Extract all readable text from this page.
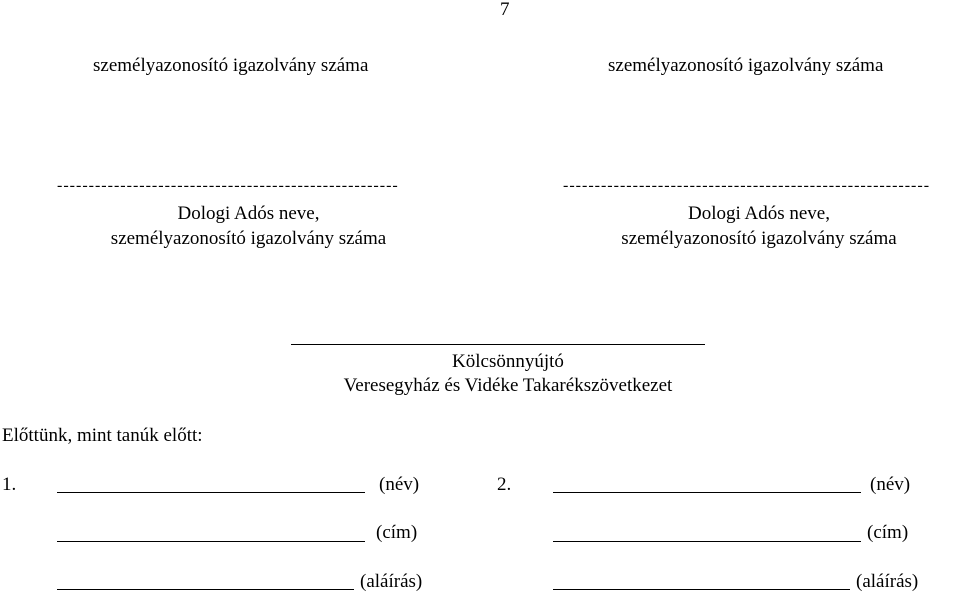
7
személyazonosító igazolvány száma	személyazonosító igazolvány száma
------------------------------------------------------
Dologi Adós neve,
személyazonosító igazolvány száma
----------------------------------------------------------
Dologi Adós neve,
személyazonosító igazolvány száma
Kölcsönnyújtó
Veresegyház és Vidéke Takarékszövetkezet
Előttünk, mint tanúk előtt:
1.	(név)
(cím)
(aláírás)
2.	(név)
(cím)
(aláírás)
